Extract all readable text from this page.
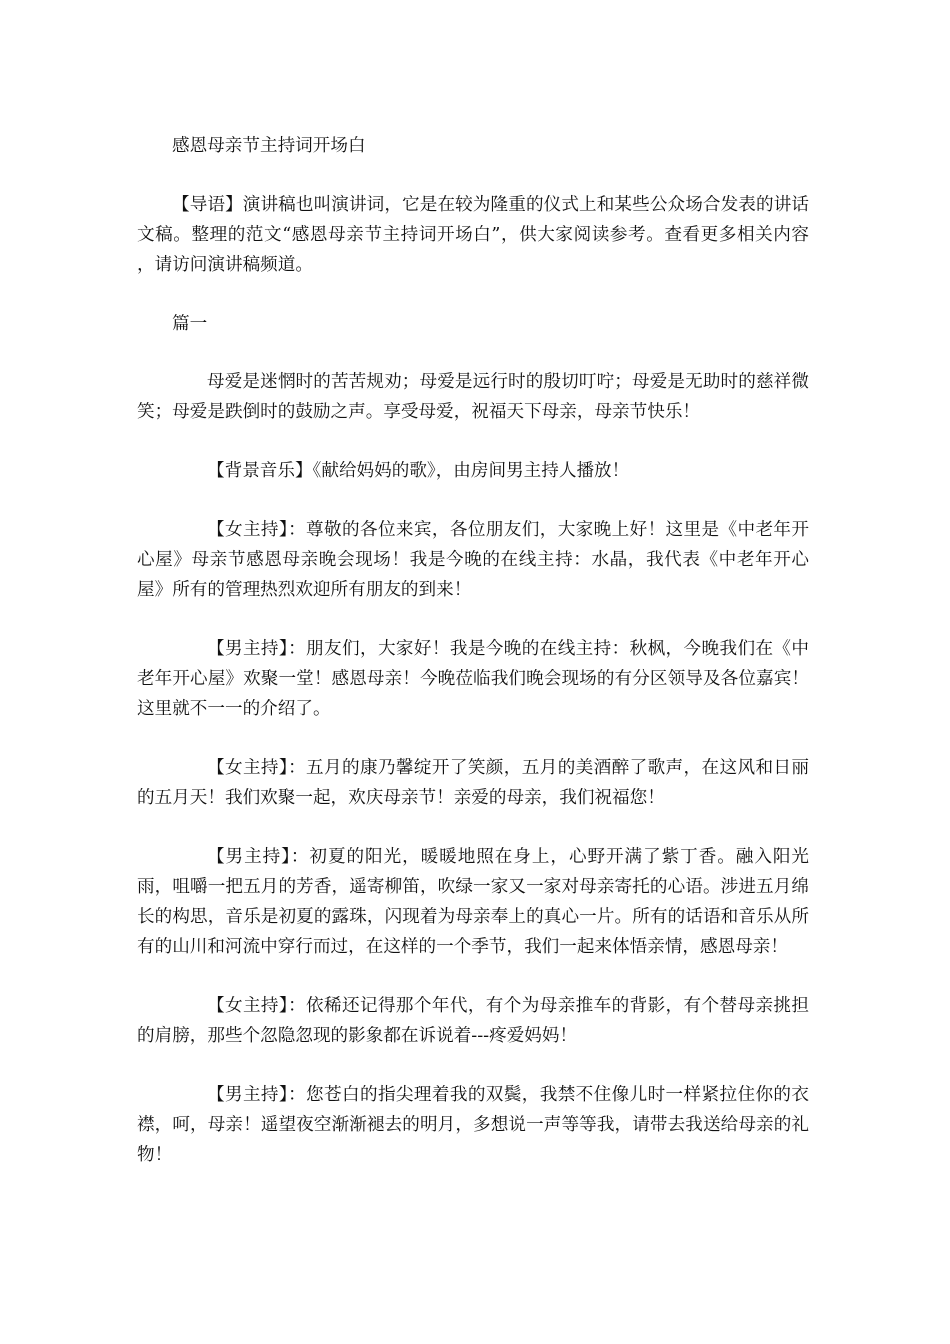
感恩母亲节主持词开场白

【导语】演讲稿也叫演讲词，它是在较为隆重的仪式上和某些公众场合发表的讲话文稿。整理的范文“感恩母亲节主持词开场白”，供大家阅读参考。查看更多相关内容 ，请访问演讲稿频道。

篇一

母爱是迷惘时的苦苦规劝；母爱是远行时的殷切叮咛；母爱是无助时的慈祥微笑；母爱是跌倒时的鼓励之声。享受母爱，祝福天下母亲，母亲节快乐！

【背景音乐】《献给妈妈的歌》，由房间男主持人播放！

【女主持】：尊敬的各位来宾，各位朋友们，大家晚上好！这里是《中老年开心屋》母亲节感恩母亲晚会现场！我是今晚的在线主持：水晶，我代表《中老年开心屋》所有的管理热烈欢迎所有朋友的到来！

【男主持】：朋友们，大家好！我是今晚的在线主持：秋枫，今晚我们在《中老年开心屋》欢聚一堂！感恩母亲！今晚莅临我们晚会现场的有分区领导及各位嘉宾！这里就不一一的介绍了。

【女主持】：五月的康乃馨绽开了笑颜，五月的美酒醉了歌声，在这风和日丽的五月天！我们欢聚一起，欢庆母亲节！亲爱的母亲，我们祝福您！

【男主持】：初夏的阳光，暖暖地照在身上，心野开满了紫丁香。融入阳光雨，咀嚼一把五月的芳香，遥寄柳笛，吹绿一家又一家对母亲寄托的心语。涉进五月绵长的构思，音乐是初夏的露珠，闪现着为母亲奉上的真心一片。所有的话语和音乐从所有的山川和河流中穿行而过，在这样的一个季节，我们一起来体悟亲情，感恩母亲！

【女主持】：依稀还记得那个年代，有个为母亲推车的背影，有个替母亲挑担的肩膀，那些个忽隐忽现的影象都在诉说着---疼爱妈妈！

【男主持】：您苍白的指尖理着我的双鬓，我禁不住像儿时一样紧拉住你的衣襟，呵，母亲！遥望夜空渐渐褪去的明月，多想说一声等等我，请带去我送给母亲的礼物！
